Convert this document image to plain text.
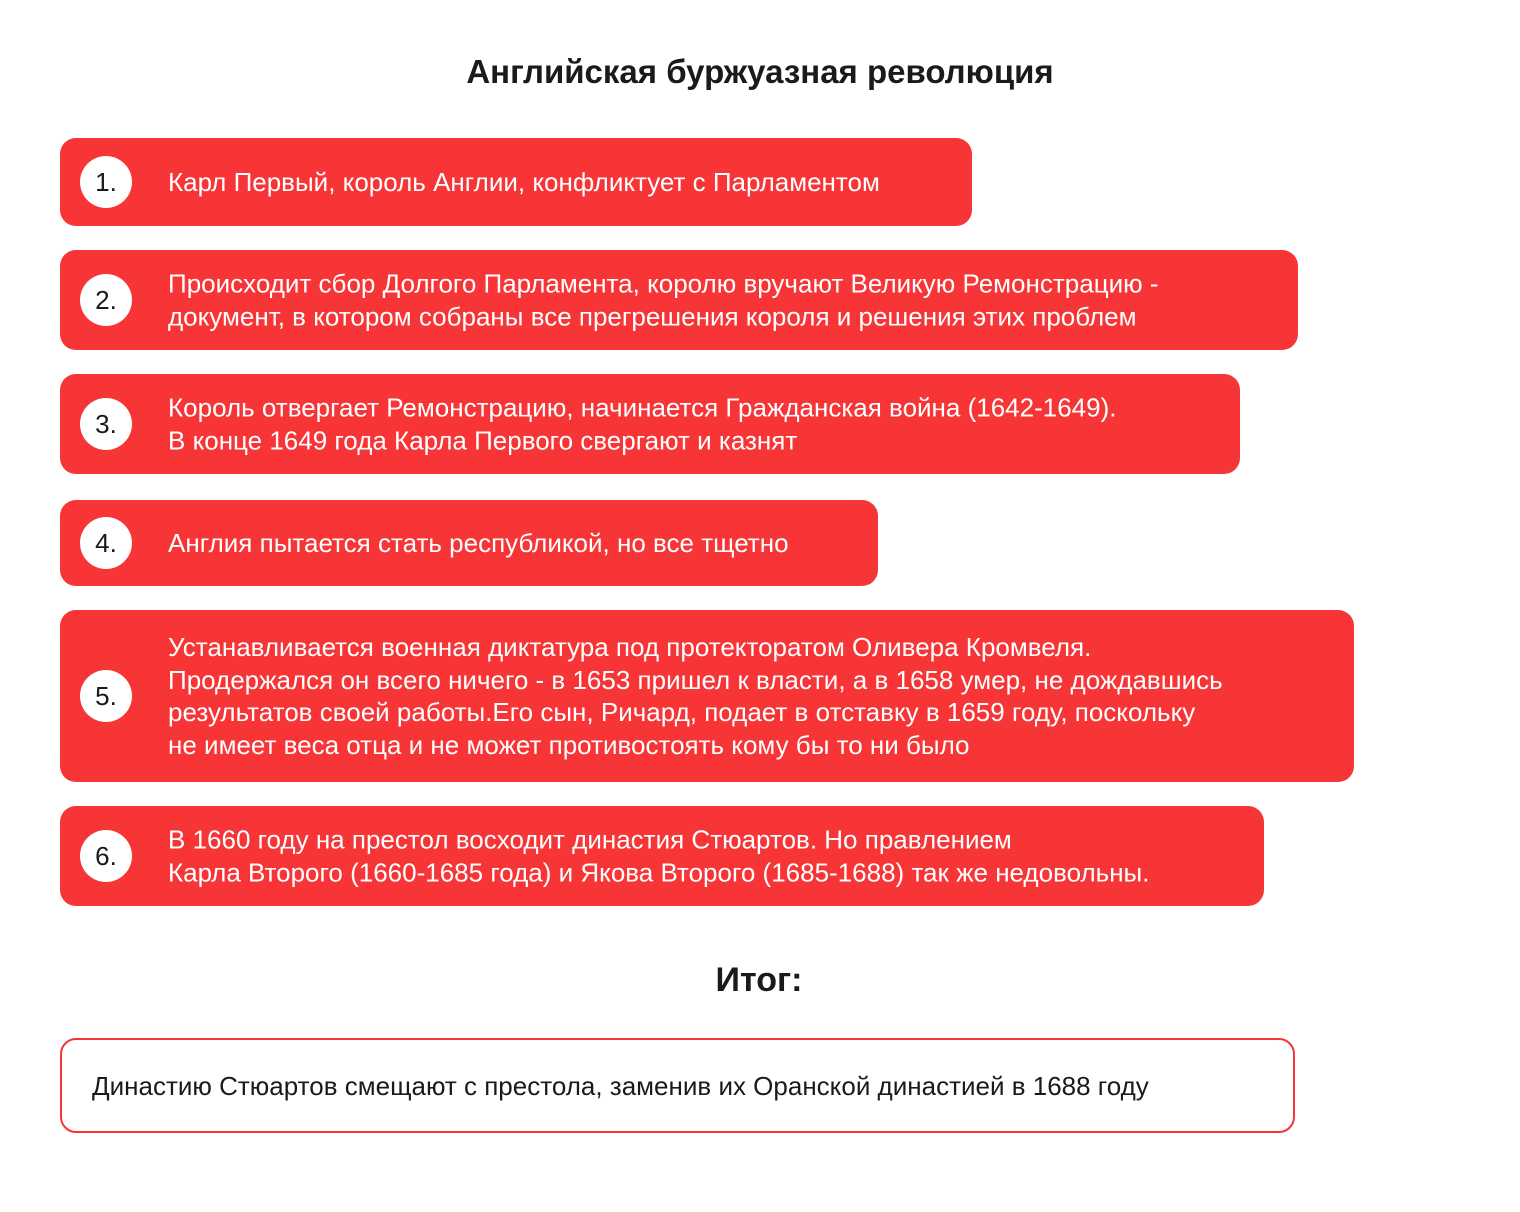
Английская буржуазная революция
1.	Карл Первый, король Англии, конфликтует с Парламентом
2.
Происходит сбор Долгого Парламента, королю вручают Великую Ремонстрацию -
документ, в котором собраны все прегрешения короля и решения этих проблем
3.
Король отвергает Ремонстрацию, начинается Гражданская война (1642-1649).
В конце 1649 года Карла Первого свергают и казнят
4.	Англия пытается стать республикой, но все тщетно
5.
Устанавливается военная диктатура под протекторатом Оливера Кромвеля.
Продержался он всего ничего - в 1653 пришел к власти, а в 1658 умер, не дождавшись
результатов своей работы.Его сын, Ричард, подает в отставку в 1659 году, поскольку
не имеет веса отца и не может противостоять кому бы то ни было
6.
В 1660 году на престол восходит династия Стюартов. Но правлением
Карла Второго (1660-1685 года) и Якова Второго (1685-1688) так же недовольны.
Итог:
Династию Стюартов смещают с престола, заменив их Оранской династией в 1688 году
